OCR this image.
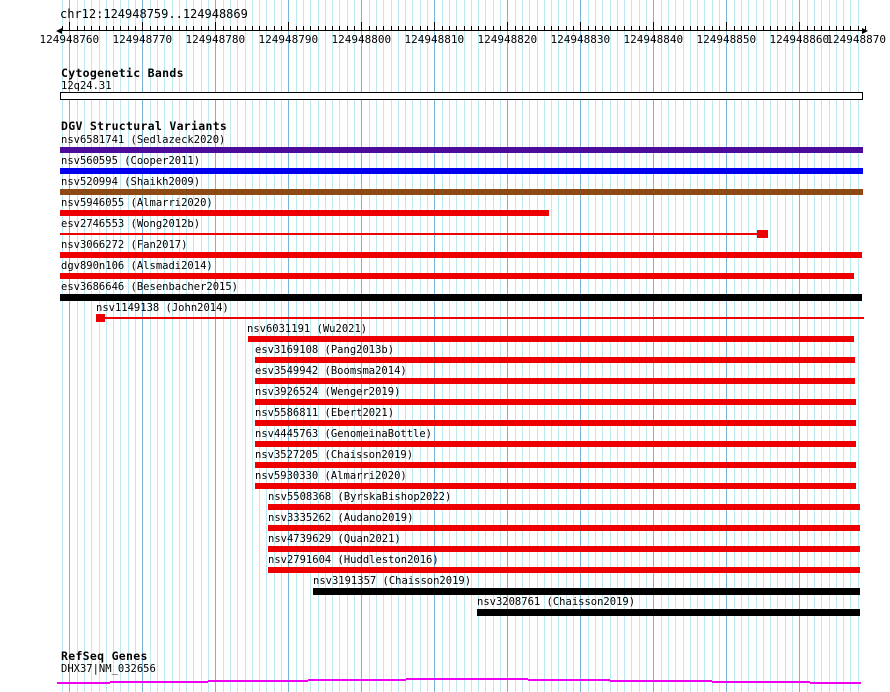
chr12:124948759..124948869
124948760 124948770 124948780 124948790 124948800 124948810 124948820 124948830 124948840 124948850 124948860
124948870
Cytogenetic Bands
12q24.31
DGV Structural Variants
nsv6581741 (Sedlazeck2020)
nsv560595 (Cooper2011)
nsv520994 (Shaikh2009)
nsv5946055 (Almarri2020)
esv2746553 (Wong2012b)
nsv3066272 (Fan2017)
dgv890n106 (Alsmadi2014)
esv3686646 (Besenbacher2015)
nsv1149138 (John2014)
nsv6031191 (Wu2021)
esv3169108 (Pang2013b)
esv3549942 (Boomsma2014)
nsv3926524 (Wenger2019)
nsv5586811 (Ebert2021)
nsv4445763 (GenomeinaBottle)
nsv3527205 (Chaisson2019)
nsv5930330 (Almarri2020)
nsv5508368 (ByrskaBishop2022)
nsv3335262 (Audano2019)
nsv4739629 (Quan2021)
nsv2791604 (Huddleston2016)
nsv3191357 (Chaisson2019)
nsv3208761 (Chaisson2019)
RefSeq Genes
DHX37|NM_032656
